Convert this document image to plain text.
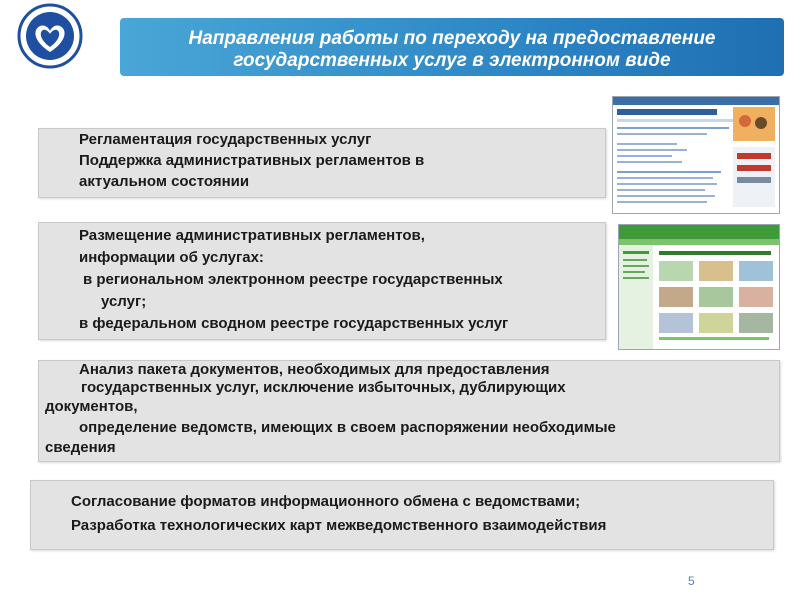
Направления работы по переходу на предоставление
государственных услуг в электронном виде
Регламентация государственных услуг
Поддержка административных регламентов в
актуальном состоянии
Размещение административных регламентов,
информации об услугах:
в региональном электронном реестре государственных
услуг;
в федеральном сводном реестре государственных услуг
Анализ пакета документов, необходимых для предоставления
государственных услуг, исключение избыточных, дублирующих
документов,
определение ведомств, имеющих в своем распоряжении необходимые
сведения
Согласование форматов информационного обмена с ведомствами;
Разработка технологических карт межведомственного взаимодействия
5
